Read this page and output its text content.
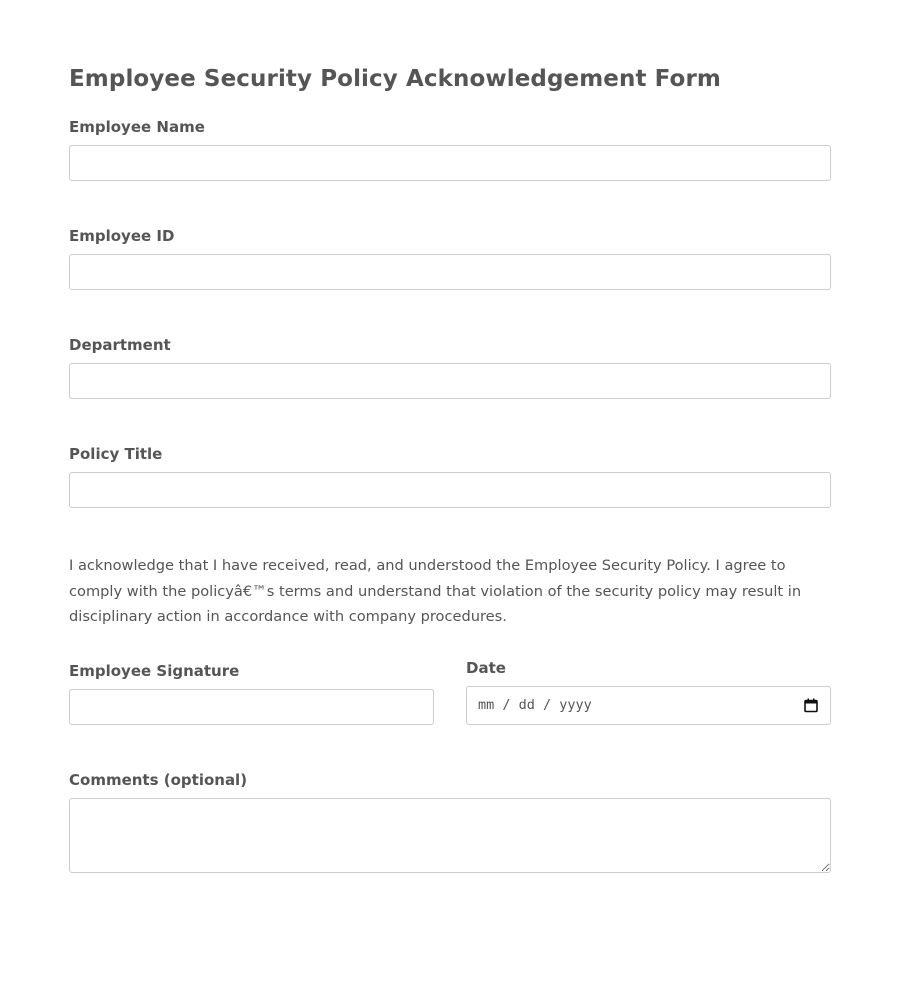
Employee Security Policy Acknowledgement Form
Employee Name
Employee ID
Department
Policy Title

I acknowledge that I have received, read, and understood the Employee Security Policy. I agree to comply with the policyâ€™s terms and understand that violation of the security policy may result in disciplinary action in accordance with company procedures.

Employee Signature	Date
mm / dd / yyyy
Comments (optional)
